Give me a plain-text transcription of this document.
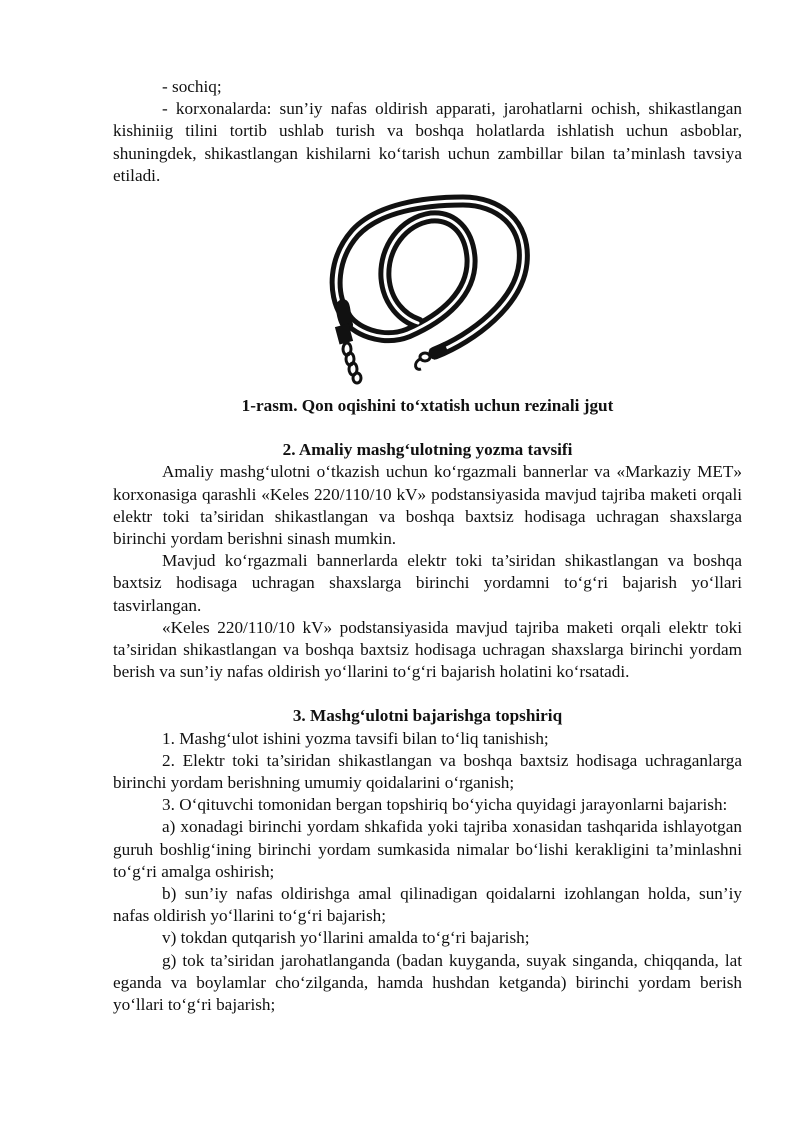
- sochiq;

- korxonalarda: sun’iy nafas oldirish apparati, jarohatlarni ochish, shikastlangan kishiniig tilini tortib ushlab turish va boshqa holatlarda ishlatish uchun asboblar, shuningdek, shikastlangan kishilarni ko‘tarish uchun zambillar bilan ta’minlash tavsiya etiladi.

1-rasm. Qon oqishini to‘xtatish uchun rezinali jgut

2. Amaliy mashg‘ulotning yozma tavsifi

Amaliy mashg‘ulotni o‘tkazish uchun ko‘rgazmali bannerlar va «Markaziy MET» korxonasiga qarashli «Keles 220/110/10 kV» podstansiyasida mavjud tajriba maketi orqali elektr toki ta’siridan shikastlangan va boshqa baxtsiz hodisaga uchragan shaxslarga birinchi yordam berishni sinash mumkin.

Mavjud ko‘rgazmali bannerlarda elektr toki ta’siridan shikastlangan va boshqa baxtsiz hodisaga uchragan shaxslarga birinchi yordamni to‘g‘ri bajarish yo‘llari tasvirlangan.

«Keles 220/110/10 kV» podstansiyasida mavjud tajriba maketi orqali elektr toki ta’siridan shikastlangan va boshqa baxtsiz hodisaga uchragan shaxslarga birinchi yordam berish va sun’iy nafas oldirish yo‘llarini to‘g‘ri bajarish holatini ko‘rsatadi.

3. Mashg‘ulotni bajarishga topshiriq

1. Mashg‘ulot ishini yozma tavsifi bilan to‘liq tanishish;

2. Elektr toki ta’siridan shikastlangan va boshqa baxtsiz hodisaga uchraganlarga birinchi yordam berishning umumiy qoidalarini o‘rganish;

3. O‘qituvchi tomonidan bergan topshiriq bo‘yicha quyidagi jarayonlarni bajarish:

a) xonadagi birinchi yordam shkafida yoki tajriba xonasidan tashqarida ishlayotgan guruh boshlig‘ining birinchi yordam sumkasida nimalar bo‘lishi kerakligini ta’minlashni to‘g‘ri amalga oshirish;

b) sun’iy nafas oldirishga amal qilinadigan qoidalarni izohlangan holda, sun’iy nafas oldirish yo‘llarini to‘g‘ri bajarish;

v) tokdan qutqarish yo‘llarini amalda to‘g‘ri bajarish;

g) tok ta’siridan jarohatlanganda (badan kuyganda, suyak singanda, chiqqanda, lat eganda va boylamlar cho‘zilganda, hamda hushdan ketganda) birinchi yordam berish yo‘llari to‘g‘ri bajarish;
